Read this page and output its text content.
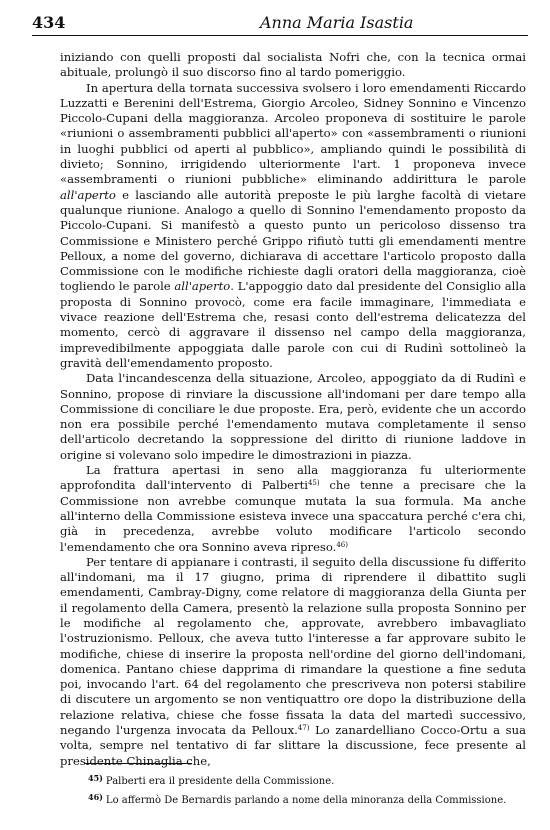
434	Anna Maria Isastia

iniziando con quelli proposti dal socialista Nofri che, con la tecnica ormai abituale, prolungò il suo discorso fino al tardo pomeriggio.

In apertura della tornata successiva svolsero i loro emendamenti Riccardo Luzzatti e Berenini dell'Estrema, Giorgio Arcoleo, Sidney Sonnino e Vincenzo Piccolo-Cupani della maggioranza. Arcoleo proponeva di sostituire le parole «riunioni o assembramenti pubblici all'aperto» con «assembramenti o riunioni in luoghi pubblici od aperti al pubblico», ampliando quindi le possibilità di divieto; Sonnino, irrigidendo ulteriormente l'art. 1 proponeva invece «assembramenti o riunioni pubbliche» eliminando addirittura le parole all'aperto e lasciando alle autorità preposte le più larghe facoltà di vietare qualunque riunione. Analogo a quello di Sonnino l'emendamento proposto da Piccolo-Cupani. Si manifestò a questo punto un pericoloso dissenso tra Commissione e Ministero perché Grippo rifiutò tutti gli emendamenti mentre Pelloux, a nome del governo, dichiarava di accettare l'articolo proposto dalla Commissione con le modifiche richieste dagli oratori della maggioranza, cioè togliendo le parole all'aperto. L'appoggio dato dal presidente del Consiglio alla proposta di Sonnino provocò, come era facile immaginare, l'immediata e vivace reazione dell'Estrema che, resasi conto dell'estrema delicatezza del momento, cercò di aggravare il dissenso nel campo della maggioranza, imprevedibilmente appoggiata dalle parole con cui di Rudinì sottolineò la gravità dell'emendamento proposto.

Data l'incandescenza della situazione, Arcoleo, appoggiato da di Rudinì e Sonnino, propose di rinviare la discussione all'indomani per dare tempo alla Commissione di conciliare le due proposte. Era, però, evidente che un accordo non era possibile perché l'emendamento mutava completamente il senso dell'articolo decretando la soppressione del diritto di riunione laddove in origine si volevano solo impedire le dimostrazioni in piazza.

La frattura apertasi in seno alla maggioranza fu ulteriormente approfondita dall'intervento di Palberti$^{45)}$ che tenne a precisare che la Commissione non avrebbe comunque mutata la sua formula. Ma anche all'interno della Commissione esisteva invece una spaccatura perché c'era chi, già in precedenza, avrebbe voluto modificare l'articolo secondo l'emendamento che ora Sonnino aveva ripreso.$^{46)}$

Per tentare di appianare i contrasti, il seguito della discussione fu differito all'indomani, ma il 17 giugno, prima di riprendere il dibattito sugli emendamenti, Cambray-Digny, come relatore di maggioranza della Giunta per il regolamento della Camera, presentò la relazione sulla proposta Sonnino per le modifiche al regolamento che, approvate, avrebbero imbavagliato l'ostruzionismo. Pelloux, che aveva tutto l'interesse a far approvare subito le modifiche, chiese di inserire la proposta nell'ordine del giorno dell'indomani, domenica. Pantano chiese dapprima di rimandare la questione a fine seduta poi, invocando l'art. 64 del regolamento che prescriveva non potersi stabilire di discutere un argomento se non ventiquattro ore dopo la distribuzione della relazione relativa, chiese che fosse fissata la data del martedì successivo, negando l'urgenza invocata da Pelloux.$^{47)}$ Lo zanardelliano Cocco-Ortu a sua volta, sempre nel tentativo di far slittare la discussione, fece presente al presidente Chinaglia che,

$^{45)}$ Palberti era il presidente della Commissione.
$^{46)}$ Lo affermò De Bernardis parlando a nome della minoranza della Commissione.
